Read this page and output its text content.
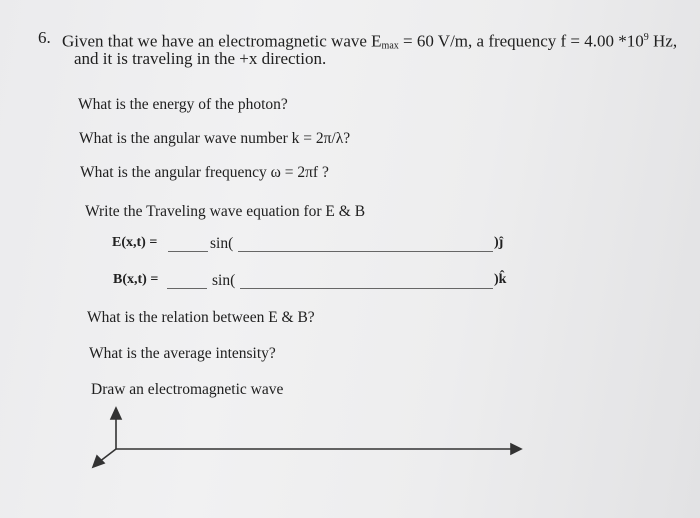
6. Given that we have an electromagnetic wave $E_{max} = 60$ V/m, a frequency f = 4.00 $*10^9$ Hz,
and it is traveling in the +x direction.
What is the energy of the photon?
What is the angular wave number k = 2π/λ?
What is the angular frequency ω = 2πf ?
Write the Traveling wave equation for E & B
E(x,t) =	sin(	)ĵ
B(x,t) =	sin(	)k̂
What is the relation between E & B?
What is the average intensity?
Draw an electromagnetic wave
